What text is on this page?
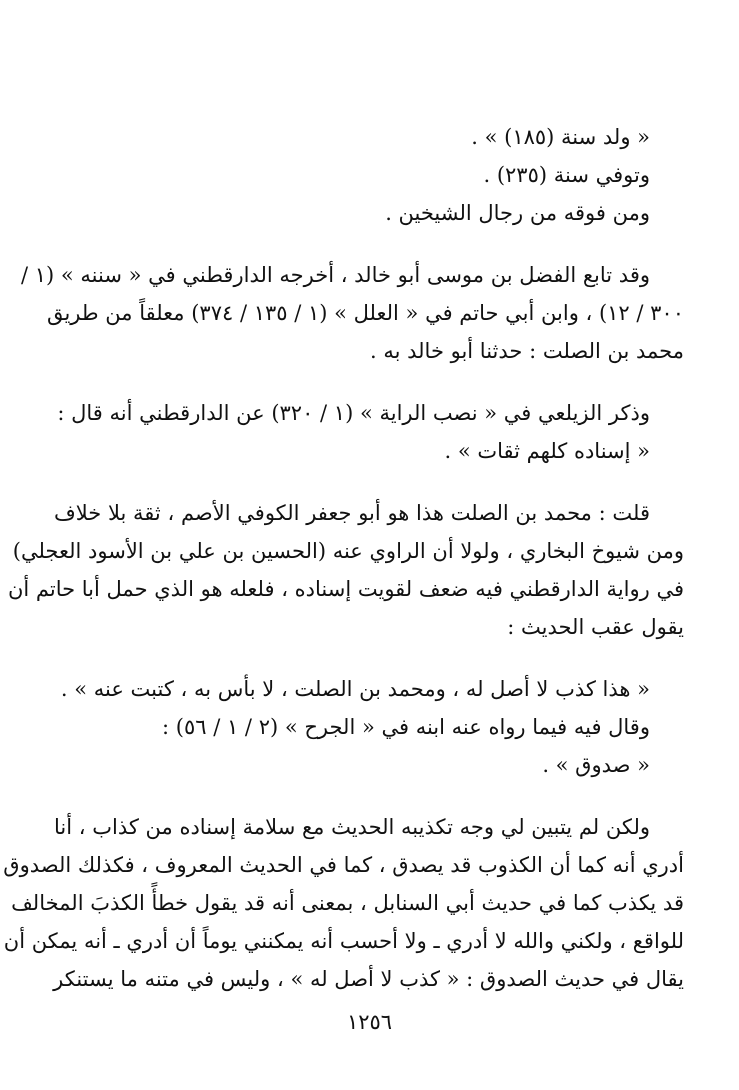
« ولد سنة (١٨٥) » .
وتوفي سنة (٢٣٥) .
ومن فوقه من رجال الشيخين .
وقد تابع الفضل بن موسى أبو خالد ، أخرجه الدارقطني في « سننه » (١ /
٣٠٠ / ١٢) ، وابن أبي حاتم في « العلل » (١ / ١٣٥ / ٣٧٤) معلقاً من طريق
محمد بن الصلت : حدثنا أبو خالد به .
وذكر الزيلعي في « نصب الراية » (١ / ٣٢٠) عن الدارقطني أنه قال :
« إسناده كلهم ثقات » .
قلت : محمد بن الصلت هذا هو أبو جعفر الكوفي الأصم ، ثقة بلا خلاف
ومن شيوخ البخاري ، ولولا أن الراوي عنه (الحسين بن علي بن الأسود العجلي)
في رواية الدارقطني فيه ضعف لقويت إسناده ، فلعله هو الذي حمل أبا حاتم أن
يقول عقب الحديث :
« هذا كذب لا أصل له ، ومحمد بن الصلت ، لا بأس به ، كتبت عنه » .
وقال فيه فيما رواه عنه ابنه في « الجرح » (٢ / ١ / ٥٦) :
« صدوق » .
ولكن لم يتبين لي وجه تكذيبه الحديث مع سلامة إسناده من كذاب ، أنا
أدري أنه كما أن الكذوب قد يصدق ، كما في الحديث المعروف ، فكذلك الصدوق
قد يكذب كما في حديث أبي السنابل ، بمعنى أنه قد يقول خطأً الكذبَ المخالف
للواقع ، ولكني والله لا أدري ـ ولا أحسب أنه يمكنني يوماً أن أدري ـ أنه يمكن أن
يقال في حديث الصدوق : « كذب لا أصل له » ، وليس في متنه ما يستنكر
١٢٥٦
